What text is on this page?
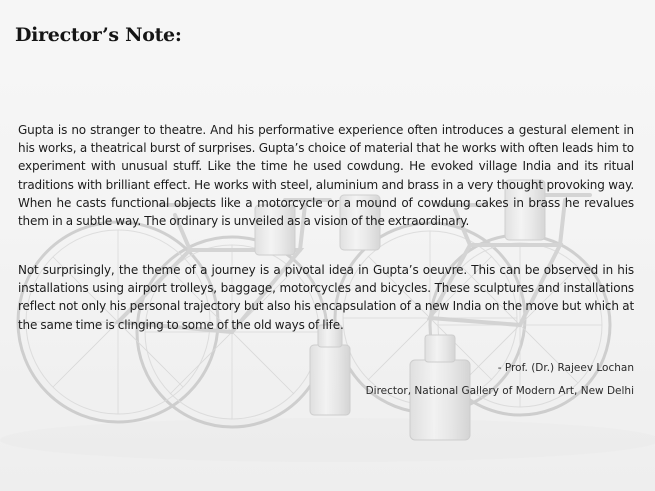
Director’s Note:

Gupta is no stranger to theatre. And his performative experience often introduces a gestural element in his works, a theatrical burst of surprises. Gupta’s choice of material that he works with often leads him to experiment with unusual stuff. Like the time he used cowdung. He evoked village India and its ritual traditions with brilliant effect. He works with steel, aluminium and brass in a very thought provoking way. When he casts functional objects like a motorcycle or a mound of cowdung cakes in brass he revalues them in a subtle way. The ordinary is unveiled as a vision of the extraordinary.

Not surprisingly, the theme of a journey is a pivotal idea in Gupta’s oeuvre. This can be observed in his installations using airport trolleys, baggage, motorcycles and bicycles. These sculptures and installations reflect not only his personal trajectory but also his encapsulation of a new India on the move but which at the same time is clinging to some of the old ways of life.

- Prof. (Dr.) Rajeev Lochan

Director, National Gallery of Modern Art, New Delhi
